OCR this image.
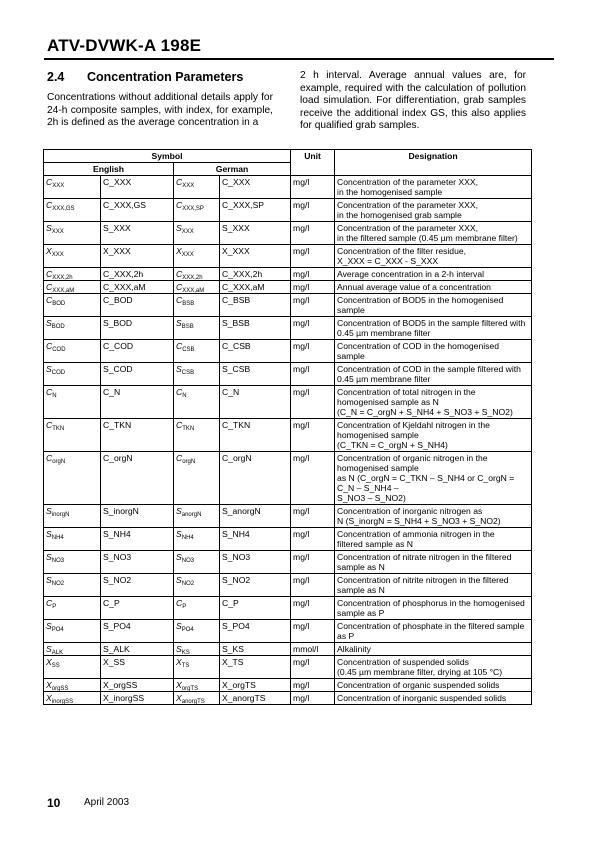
ATV-DVWK-A 198E
2.4 Concentration Parameters

Concentrations without additional details apply for 24-h composite samples, with index, for example, 2h is defined as the average concentration in a

2 h interval. Average annual values are, for example, required with the calculation of pollution load simulation. For differentiation, grab samples receive the additional index GS, this also applies for qualified grab samples.

Symbol				Unit	Designation
English		German			
$C_{XXX}$	C_XXX	$C_{XXX}$	C_XXX	mg/l	Concentration of the parameter XXX,
in the homogenised sample

$C_{XXX,GS}$	C_XXX,GS	$C_{XXX,SP}$	C_XXX,SP	mg/l	Concentration of the parameter XXX,
in the homogenised grab sample

$S_{XXX}$	S_XXX	$S_{XXX}$	S_XXX	mg/l	Concentration of the parameter XXX,
in the filtered sample (0.45 µm membrane filter)

$X_{XXX}$	X_XXX	$X_{XXX}$	X_XXX	mg/l	Concentration of the filter residue,
X_XXX = C_XXX - S_XXX

$C_{XXX,2h}$	C_XXX,2h	$C_{XXX,2h}$	C_XXX,2h	mg/l	Average concentration in a 2-h interval

$C_{XXX,aM}$	C_XXX,aM	$C_{XXX,aM}$	C_XXX,aM	mg/l	Annual average value of a concentration

$C_{BOD}$	C_BOD	$C_{BSB}$	C_BSB	mg/l	Concentration of BOD5 in the homogenised sample

$S_{BOD}$	S_BOD	$S_{BSB}$	S_BSB	mg/l	Concentration of BOD5 in the sample filtered with
0.45 µm membrane filter

$C_{COD}$	C_COD	$C_{CSB}$	C_CSB	mg/l	Concentration of COD in the homogenised sample

$S_{COD}$	S_COD	$S_{CSB}$	S_CSB	mg/l	Concentration of COD in the sample filtered with
0.45 µm membrane filter

$C_N$	C_N	$C_N$	C_N	mg/l	Concentration of total nitrogen in the
homogenised sample as N
(C_N = C_orgN + S_NH4 + S_NO3 + S_NO2)

$C_{TKN}$	C_TKN	$C_{TKN}$	C_TKN	mg/l	Concentration of Kjeldahl nitrogen in the
homogenised sample
(C_TKN = C_orgN + S_NH4)

$C_{orgN}$	C_orgN	$C_{orgN}$	C_orgN	mg/l	Concentration of organic nitrogen in the
homogenised sample
as N (C_orgN = C_TKN – S_NH4 or C_orgN = C_N – S_NH4 –
S_NO3 – S_NO2)

$S_{inorgN}$	S_inorgN	$S_{anorgN}$	S_anorgN	mg/l	Concentration of inorganic nitrogen as
N (S_inorgN = S_NH4 + S_NO3 + S_NO2)

$S_{NH4}$	S_NH4	$S_{NH4}$	S_NH4	mg/l	Concentration of ammonia nitrogen in the
filtered sample as N

$S_{NO3}$	S_NO3	$S_{NO3}$	S_NO3	mg/l	Concentration of nitrate nitrogen in the filtered
sample as N

$S_{NO2}$	S_NO2	$S_{NO2}$	S_NO2	mg/l	Concentration of nitrite nitrogen in the filtered
sample as N

$C_P$	C_P	$C_P$	C_P	mg/l	Concentration of phosphorus in the homogenised
sample as P

$S_{PO4}$	S_PO4	$S_{PO4}$	S_PO4	mg/l	Concentration of phosphate in the filtered sample
as P

$S_{ALK}$	S_ALK	$S_{KS}$	S_KS	mmol/l	Alkalinity

$X_{SS}$	X_SS	$X_{TS}$	X_TS	mg/l	Concentration of suspended solids
(0.45 µm membrane filter, drying at 105 °C)

$X_{orgSS}$	X_orgSS	$X_{orgTS}$	X_orgTS	mg/l	Concentration of organic suspended solids

$X_{inorgSS}$	X_inorgSS	$X_{anorgTS}$	X_anorgTS	mg/l	Concentration of inorganic suspended solids
10 April 2003
